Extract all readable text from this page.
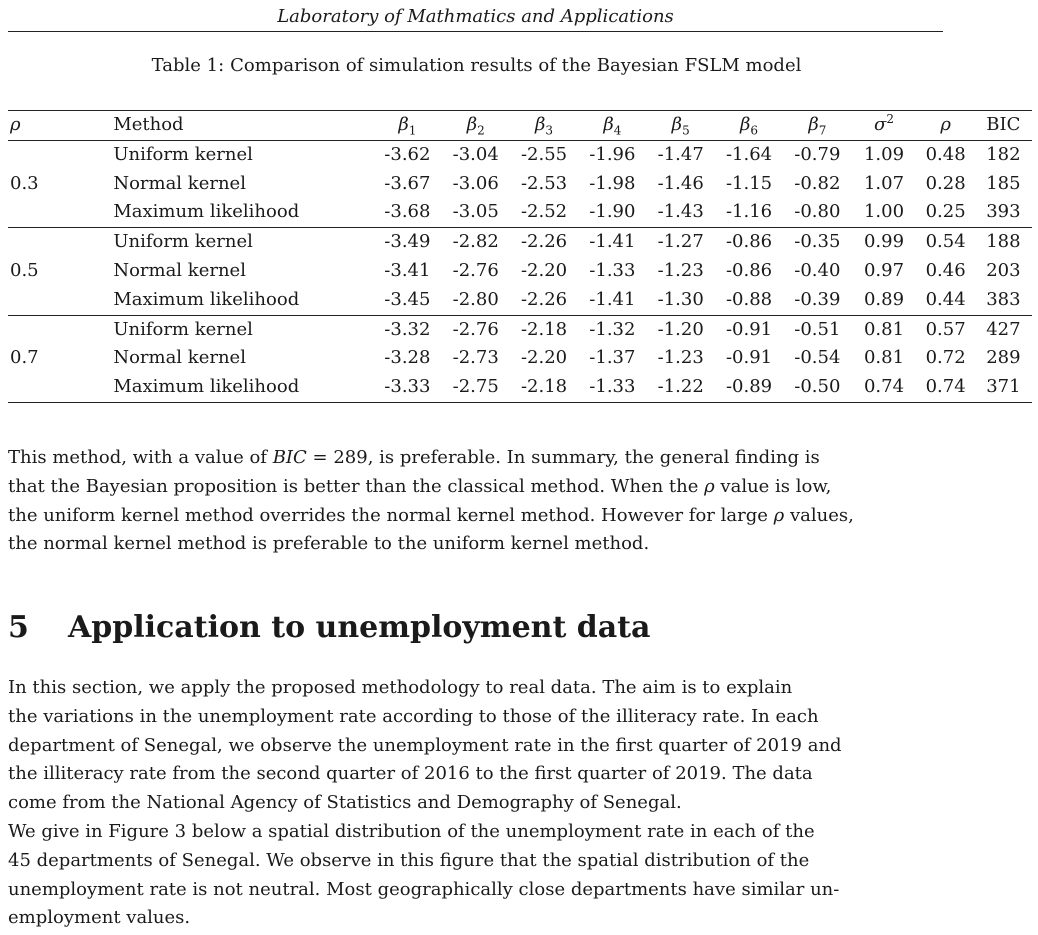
Laboratory of Mathmatics and Applications
Table 1: Comparison of simulation results of the Bayesian FSLM model
ρ	Method	$\beta_1$	$\beta_2$	$\beta_3$	$\beta_4$	$\beta_5$	$\beta_6$	$\beta_7$	$\sigma^2$	ρ	BIC
	Uniform kernel	-3.62	-3.04	-2.55	-1.96	-1.47	-1.64	-0.79	1.09	0.48	182
0.3	Normal kernel	-3.67	-3.06	-2.53	-1.98	-1.46	-1.15	-0.82	1.07	0.28	185
	Maximum likelihood	-3.68	-3.05	-2.52	-1.90	-1.43	-1.16	-0.80	1.00	0.25	393
	Uniform kernel	-3.49	-2.82	-2.26	-1.41	-1.27	-0.86	-0.35	0.99	0.54	188
0.5	Normal kernel	-3.41	-2.76	-2.20	-1.33	-1.23	-0.86	-0.40	0.97	0.46	203
	Maximum likelihood	-3.45	-2.80	-2.26	-1.41	-1.30	-0.88	-0.39	0.89	0.44	383
	Uniform kernel	-3.32	-2.76	-2.18	-1.32	-1.20	-0.91	-0.51	0.81	0.57	427
0.7	Normal kernel	-3.28	-2.73	-2.20	-1.37	-1.23	-0.91	-0.54	0.81	0.72	289
	Maximum likelihood	-3.33	-2.75	-2.18	-1.33	-1.22	-0.89	-0.50	0.74	0.74	371
This method, with a value of BIC = 289, is preferable. In summary, the general finding is
that the Bayesian proposition is better than the classical method. When the ρ value is low,
the uniform kernel method overrides the normal kernel method. However for large ρ values,
the normal kernel method is preferable to the uniform kernel method.
5 Application to unemployment data
In this section, we apply the proposed methodology to real data. The aim is to explain
the variations in the unemployment rate according to those of the illiteracy rate. In each
department of Senegal, we observe the unemployment rate in the first quarter of 2019 and
the illiteracy rate from the second quarter of 2016 to the first quarter of 2019. The data
come from the National Agency of Statistics and Demography of Senegal.
We give in Figure 3 below a spatial distribution of the unemployment rate in each of the
45 departments of Senegal. We observe in this figure that the spatial distribution of the
unemployment rate is not neutral. Most geographically close departments have similar un-
employment values.
